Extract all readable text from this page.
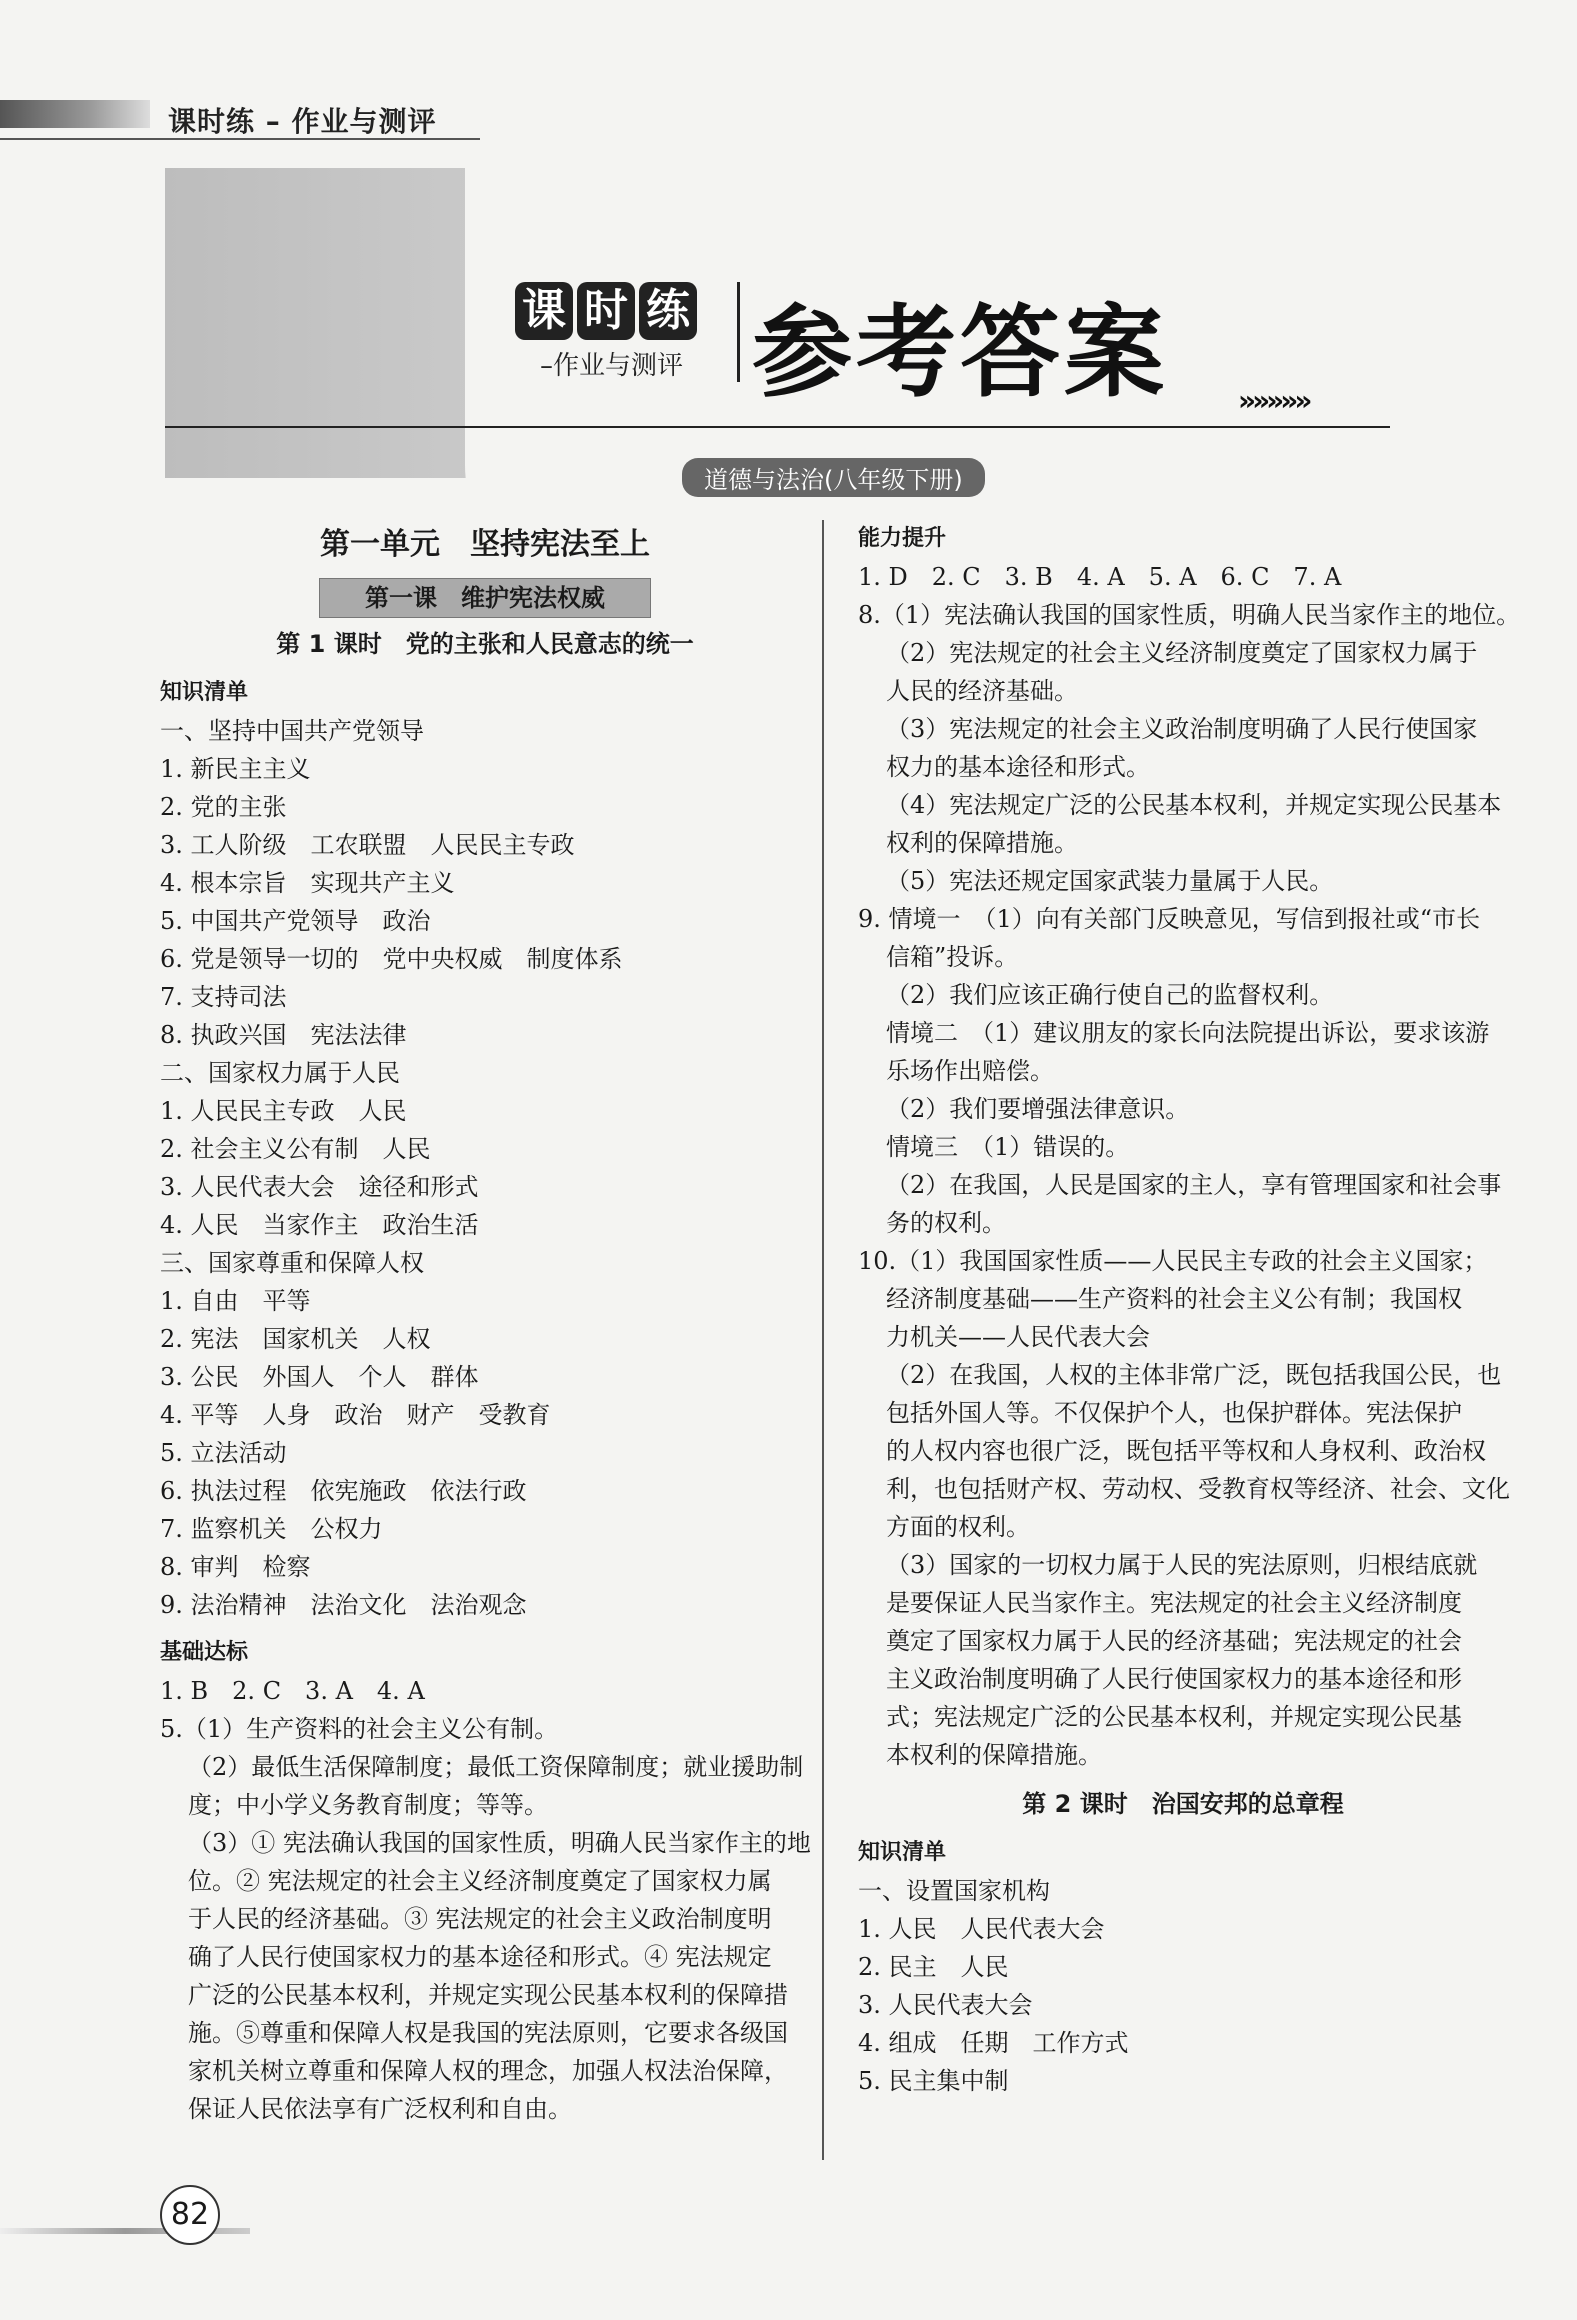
课时练 – 作业与测评
课 时 练
–作业与测评 参考答案	»»»»»
道德与法治(八年级下册)
第一单元　坚持宪法至上
第一课　维护宪法权威
第 1 课时　党的主张和人民意志的统一
知识清单

一、坚持中国共产党领导

1. 新民主主义

2. 党的主张

3. 工人阶级　工农联盟　人民民主专政

4. 根本宗旨　实现共产主义

5. 中国共产党领导　政治

6. 党是领导一切的　党中央权威　制度体系

7. 支持司法

8. 执政兴国　宪法法律

二、国家权力属于人民

1. 人民民主专政　人民

2. 社会主义公有制　人民

3. 人民代表大会　途径和形式

4. 人民　当家作主　政治生活

三、国家尊重和保障人权

1. 自由　平等

2. 宪法　国家机关　人权

3. 公民　外国人　个人　群体

4. 平等　人身　政治　财产　受教育

5. 立法活动

6. 执法过程　依宪施政　依法行政

7. 监察机关　公权力

8. 审判　检察

9. 法治精神　法治文化　法治观念

基础达标

1. B　2. C　3. A　4. A

5.（1）生产资料的社会主义公有制。

（2）最低生活保障制度；最低工资保障制度；就业援助制

度；中小学义务教育制度；等等。

（3）① 宪法确认我国的国家性质，明确人民当家作主的地

位。② 宪法规定的社会主义经济制度奠定了国家权力属

于人民的经济基础。③ 宪法规定的社会主义政治制度明

确了人民行使国家权力的基本途径和形式。④ 宪法规定

广泛的公民基本权利，并规定实现公民基本权利的保障措

施。⑤尊重和保障人权是我国的宪法原则，它要求各级国

家机关树立尊重和保障人权的理念，加强人权法治保障，

保证人民依法享有广泛权利和自由。

能力提升

1. D　2. C　3. B　4. A　5. A　6. C　7. A

8.（1）宪法确认我国的国家性质，明确人民当家作主的地位。

（2）宪法规定的社会主义经济制度奠定了国家权力属于

人民的经济基础。

（3）宪法规定的社会主义政治制度明确了人民行使国家

权力的基本途径和形式。

（4）宪法规定广泛的公民基本权利，并规定实现公民基本

权利的保障措施。

（5）宪法还规定国家武装力量属于人民。

9. 情境一　（1）向有关部门反映意见，写信到报社或“市长

信箱”投诉。

（2）我们应该正确行使自己的监督权利。

情境二　（1）建议朋友的家长向法院提出诉讼，要求该游

乐场作出赔偿。

（2）我们要增强法律意识。

情境三　（1）错误的。

（2）在我国，人民是国家的主人，享有管理国家和社会事

务的权利。

10.（1）我国国家性质——人民民主专政的社会主义国家；

经济制度基础——生产资料的社会主义公有制；我国权

力机关——人民代表大会

（2）在我国，人权的主体非常广泛，既包括我国公民，也

包括外国人等。不仅保护个人，也保护群体。宪法保护

的人权内容也很广泛，既包括平等权和人身权利、政治权

利，也包括财产权、劳动权、受教育权等经济、社会、文化

方面的权利。

（3）国家的一切权力属于人民的宪法原则，归根结底就

是要保证人民当家作主。宪法规定的社会主义经济制度

奠定了国家权力属于人民的经济基础；宪法规定的社会

主义政治制度明确了人民行使国家权力的基本途径和形

式；宪法规定广泛的公民基本权利，并规定实现公民基

本权利的保障措施。

第 2 课时　治国安邦的总章程
知识清单

一、设置国家机构

1. 人民　人民代表大会

2. 民主　人民

3. 人民代表大会

4. 组成　任期　工作方式

5. 民主集中制

82
